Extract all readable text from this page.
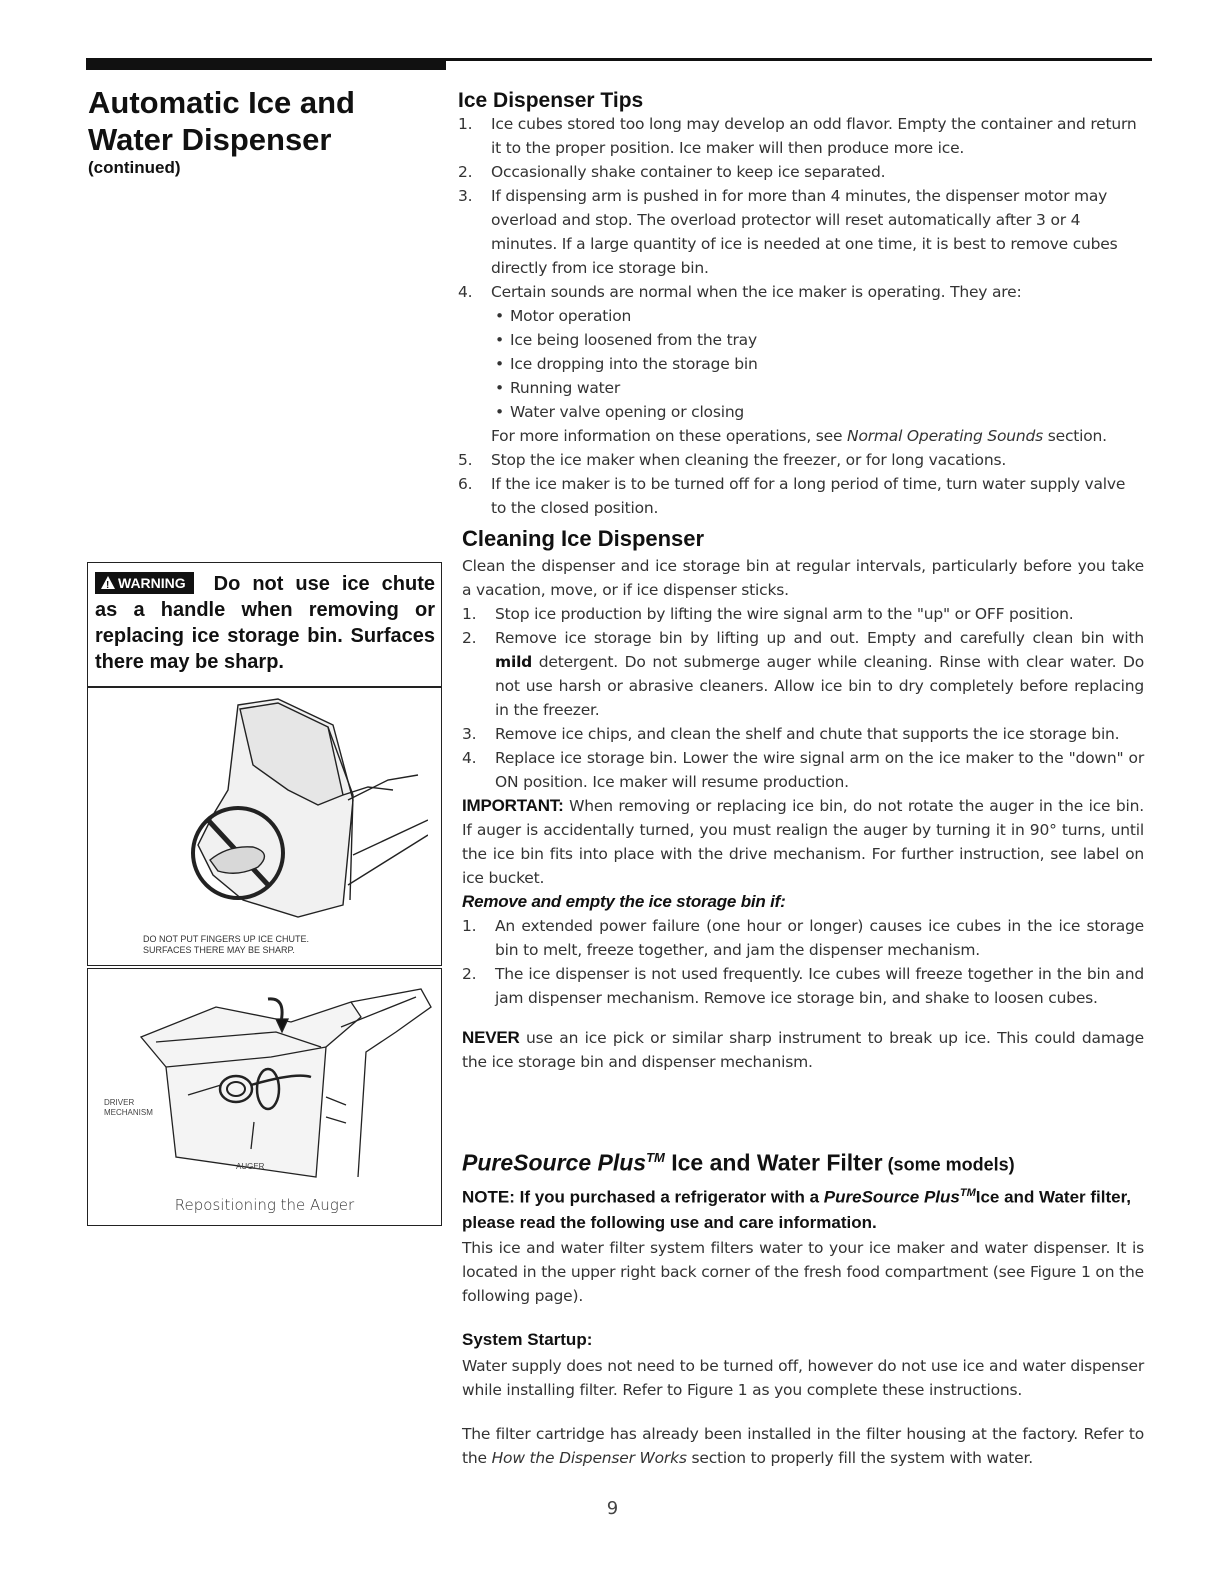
Automatic Ice and
Water Dispenser
(continued)
!WARNING Do not use ice chute as a handle when removing or replacing ice storage bin. Surfaces there may be sharp.
DO NOT PUT FINGERS UP ICE CHUTE.
SURFACES THERE MAY BE SHARP.
DRIVER
MECHANISM
AUGER
Repositioning the Auger
Ice Dispenser Tips
1. Ice cubes stored too long may develop an odd flavor. Empty the container and return it to the proper position. Ice maker will then produce more ice.
2. Occasionally shake container to keep ice separated.
3. If dispensing arm is pushed in for more than 4 minutes, the dispenser motor may overload and stop. The overload protector will reset automatically after 3 or 4 minutes. If a large quantity of ice is needed at one time, it is best to remove cubes directly from ice storage bin.
4. Certain sounds are normal when the ice maker is operating. They are:
• Motor operation
• Ice being loosened from the tray
• Ice dropping into the storage bin
• Running water
• Water valve opening or closing

For more information on these operations, see Normal Operating Sounds section.

5. Stop the ice maker when cleaning the freezer, or for long vacations.
6. If the ice maker is to be turned off for a long period of time, turn water supply valve to the closed position.
Cleaning Ice Dispenser

Clean the dispenser and ice storage bin at regular intervals, particularly before you take a vacation, move, or if ice dispenser sticks.

1. Stop ice production by lifting the wire signal arm to the "up" or OFF position.
2. Remove ice storage bin by lifting up and out. Empty and carefully clean bin with mild detergent. Do not submerge auger while cleaning. Rinse with clear water. Do not use harsh or abrasive cleaners. Allow ice bin to dry completely before replacing in the freezer.
3. Remove ice chips, and clean the shelf and chute that supports the ice storage bin.
4. Replace ice storage bin. Lower the wire signal arm on the ice maker to the "down" or ON position. Ice maker will resume production.

IMPORTANT: When removing or replacing ice bin, do not rotate the auger in the ice bin. If auger is accidentally turned, you must realign the auger by turning it in 90° turns, until the ice bin fits into place with the drive mechanism. For further instruction, see label on ice bucket.

Remove and empty the ice storage bin if:
1. An extended power failure (one hour or longer) causes ice cubes in the ice storage bin to melt, freeze together, and jam the dispenser mechanism.
2. The ice dispenser is not used frequently. Ice cubes will freeze together in the bin and jam dispenser mechanism. Remove ice storage bin, and shake to loosen cubes.

NEVER use an ice pick or similar sharp instrument to break up ice. This could damage the ice storage bin and dispenser mechanism.

PureSource Plus™ Ice and Water Filter (some models)
NOTE: If you purchased a refrigerator with a PureSource Plus™Ice and Water filter, please read the following use and care information.

This ice and water filter system filters water to your ice maker and water dispenser. It is located in the upper right back corner of the fresh food compartment (see Figure 1 on the following page).

System Startup:

Water supply does not need to be turned off, however do not use ice and water dispenser while installing filter. Refer to Figure 1 as you complete these instructions.

The filter cartridge has already been installed in the filter housing at the factory. Refer to the How the Dispenser Works section to properly fill the system with water.

9
